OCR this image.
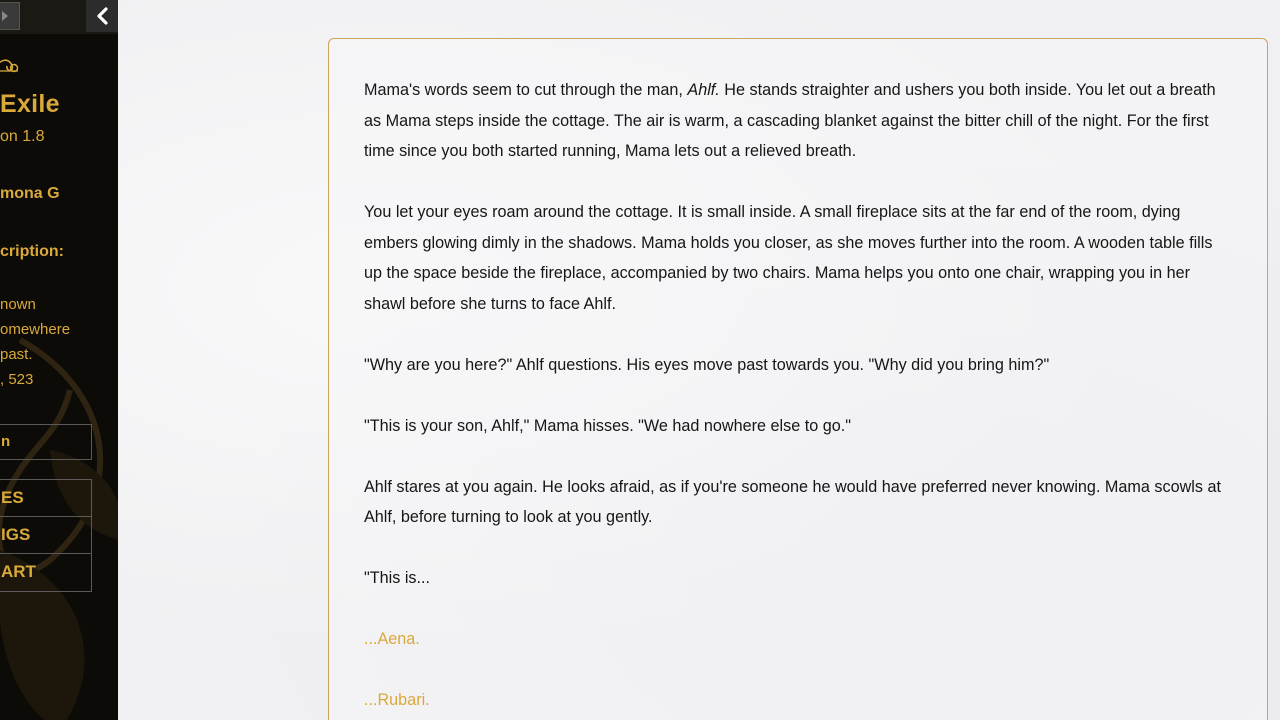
Exile
on 1.8
mona G
cription:
nown
omewhere
past.
, 523
n
ES
IGS
ART

Mama's words seem to cut through the man, Ahlf. He stands straighter and ushers you both inside. You let out a breath as Mama steps inside the cottage. The air is warm, a cascading blanket against the bitter chill of the night. For the first time since you both started running, Mama lets out a relieved breath.

You let your eyes roam around the cottage. It is small inside. A small fireplace sits at the far end of the room, dying embers glowing dimly in the shadows. Mama holds you closer, as she moves further into the room. A wooden table fills up the space beside the fireplace, accompanied by two chairs. Mama helps you onto one chair, wrapping you in her shawl before she turns to face Ahlf.

"Why are you here?" Ahlf questions. His eyes move past towards you. "Why did you bring him?"

"This is your son, Ahlf," Mama hisses. "We had nowhere else to go."

Ahlf stares at you again. He looks afraid, as if you're someone he would have preferred never knowing. Mama scowls at Ahlf, before turning to look at you gently.

"This is...

...Aena.

...Rubari.
